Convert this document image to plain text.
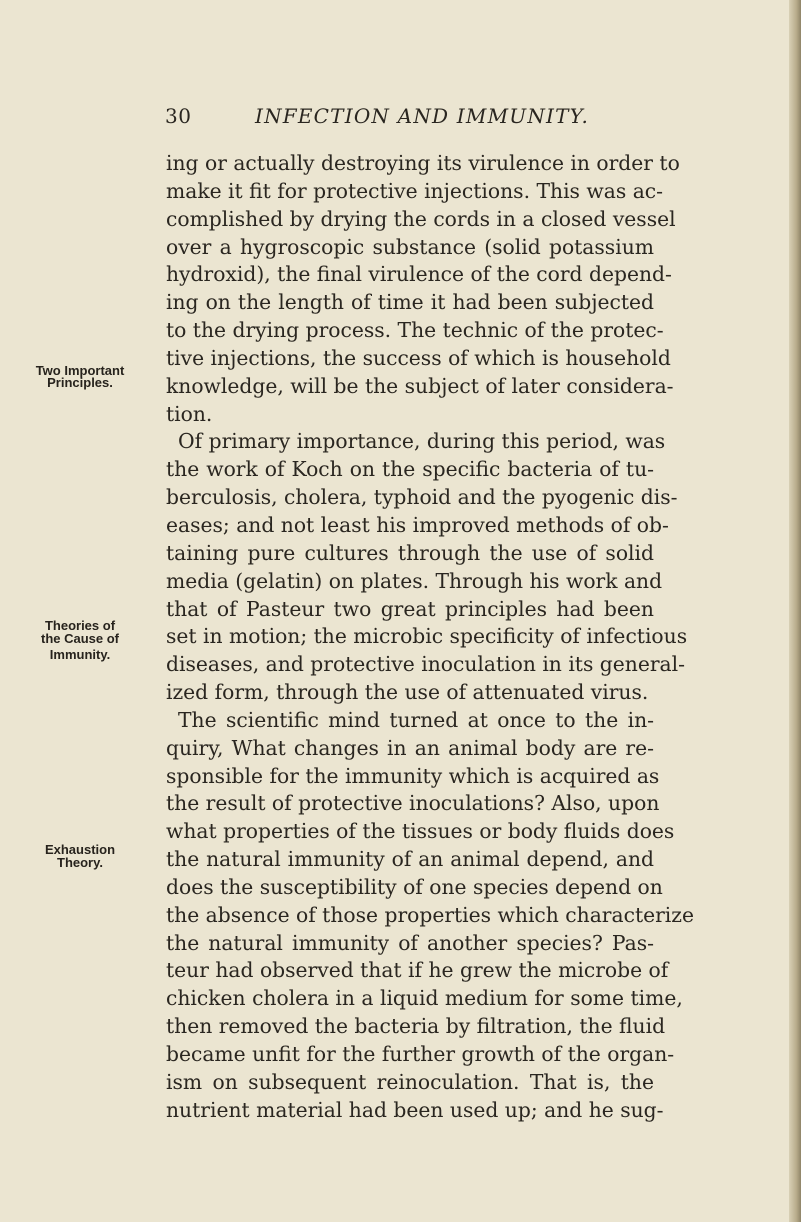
30	INFECTION AND IMMUNITY.
Two Important
Principles.
Theories of
the Cause of
Immunity.
Exhaustion
Theory.
ing or actually destroying its virulence in order to
make it fit for protective injections. This was ac-
complished by drying the cords in a closed vessel
over a hygroscopic substance (solid potassium
hydroxid), the final virulence of the cord depend-
ing on the length of time it had been subjected
to the drying process. The technic of the protec-
tive injections, the success of which is household
knowledge, will be the subject of later considera-
tion.
Of primary importance, during this period, was
the work of Koch on the specific bacteria of tu-
berculosis, cholera, typhoid and the pyogenic dis-
eases; and not least his improved methods of ob-
taining pure cultures through the use of solid
media (gelatin) on plates. Through his work and
that of Pasteur two great principles had been
set in motion; the microbic specificity of infectious
diseases, and protective inoculation in its general-
ized form, through the use of attenuated virus.
The scientific mind turned at once to the in-
quiry, What changes in an animal body are re-
sponsible for the immunity which is acquired as
the result of protective inoculations? Also, upon
what properties of the tissues or body fluids does
the natural immunity of an animal depend, and
does the susceptibility of one species depend on
the absence of those properties which characterize
the natural immunity of another species? Pas-
teur had observed that if he grew the microbe of
chicken cholera in a liquid medium for some time,
then removed the bacteria by filtration, the fluid
became unfit for the further growth of the organ-
ism on subsequent reinoculation. That is, the
nutrient material had been used up; and he sug-
